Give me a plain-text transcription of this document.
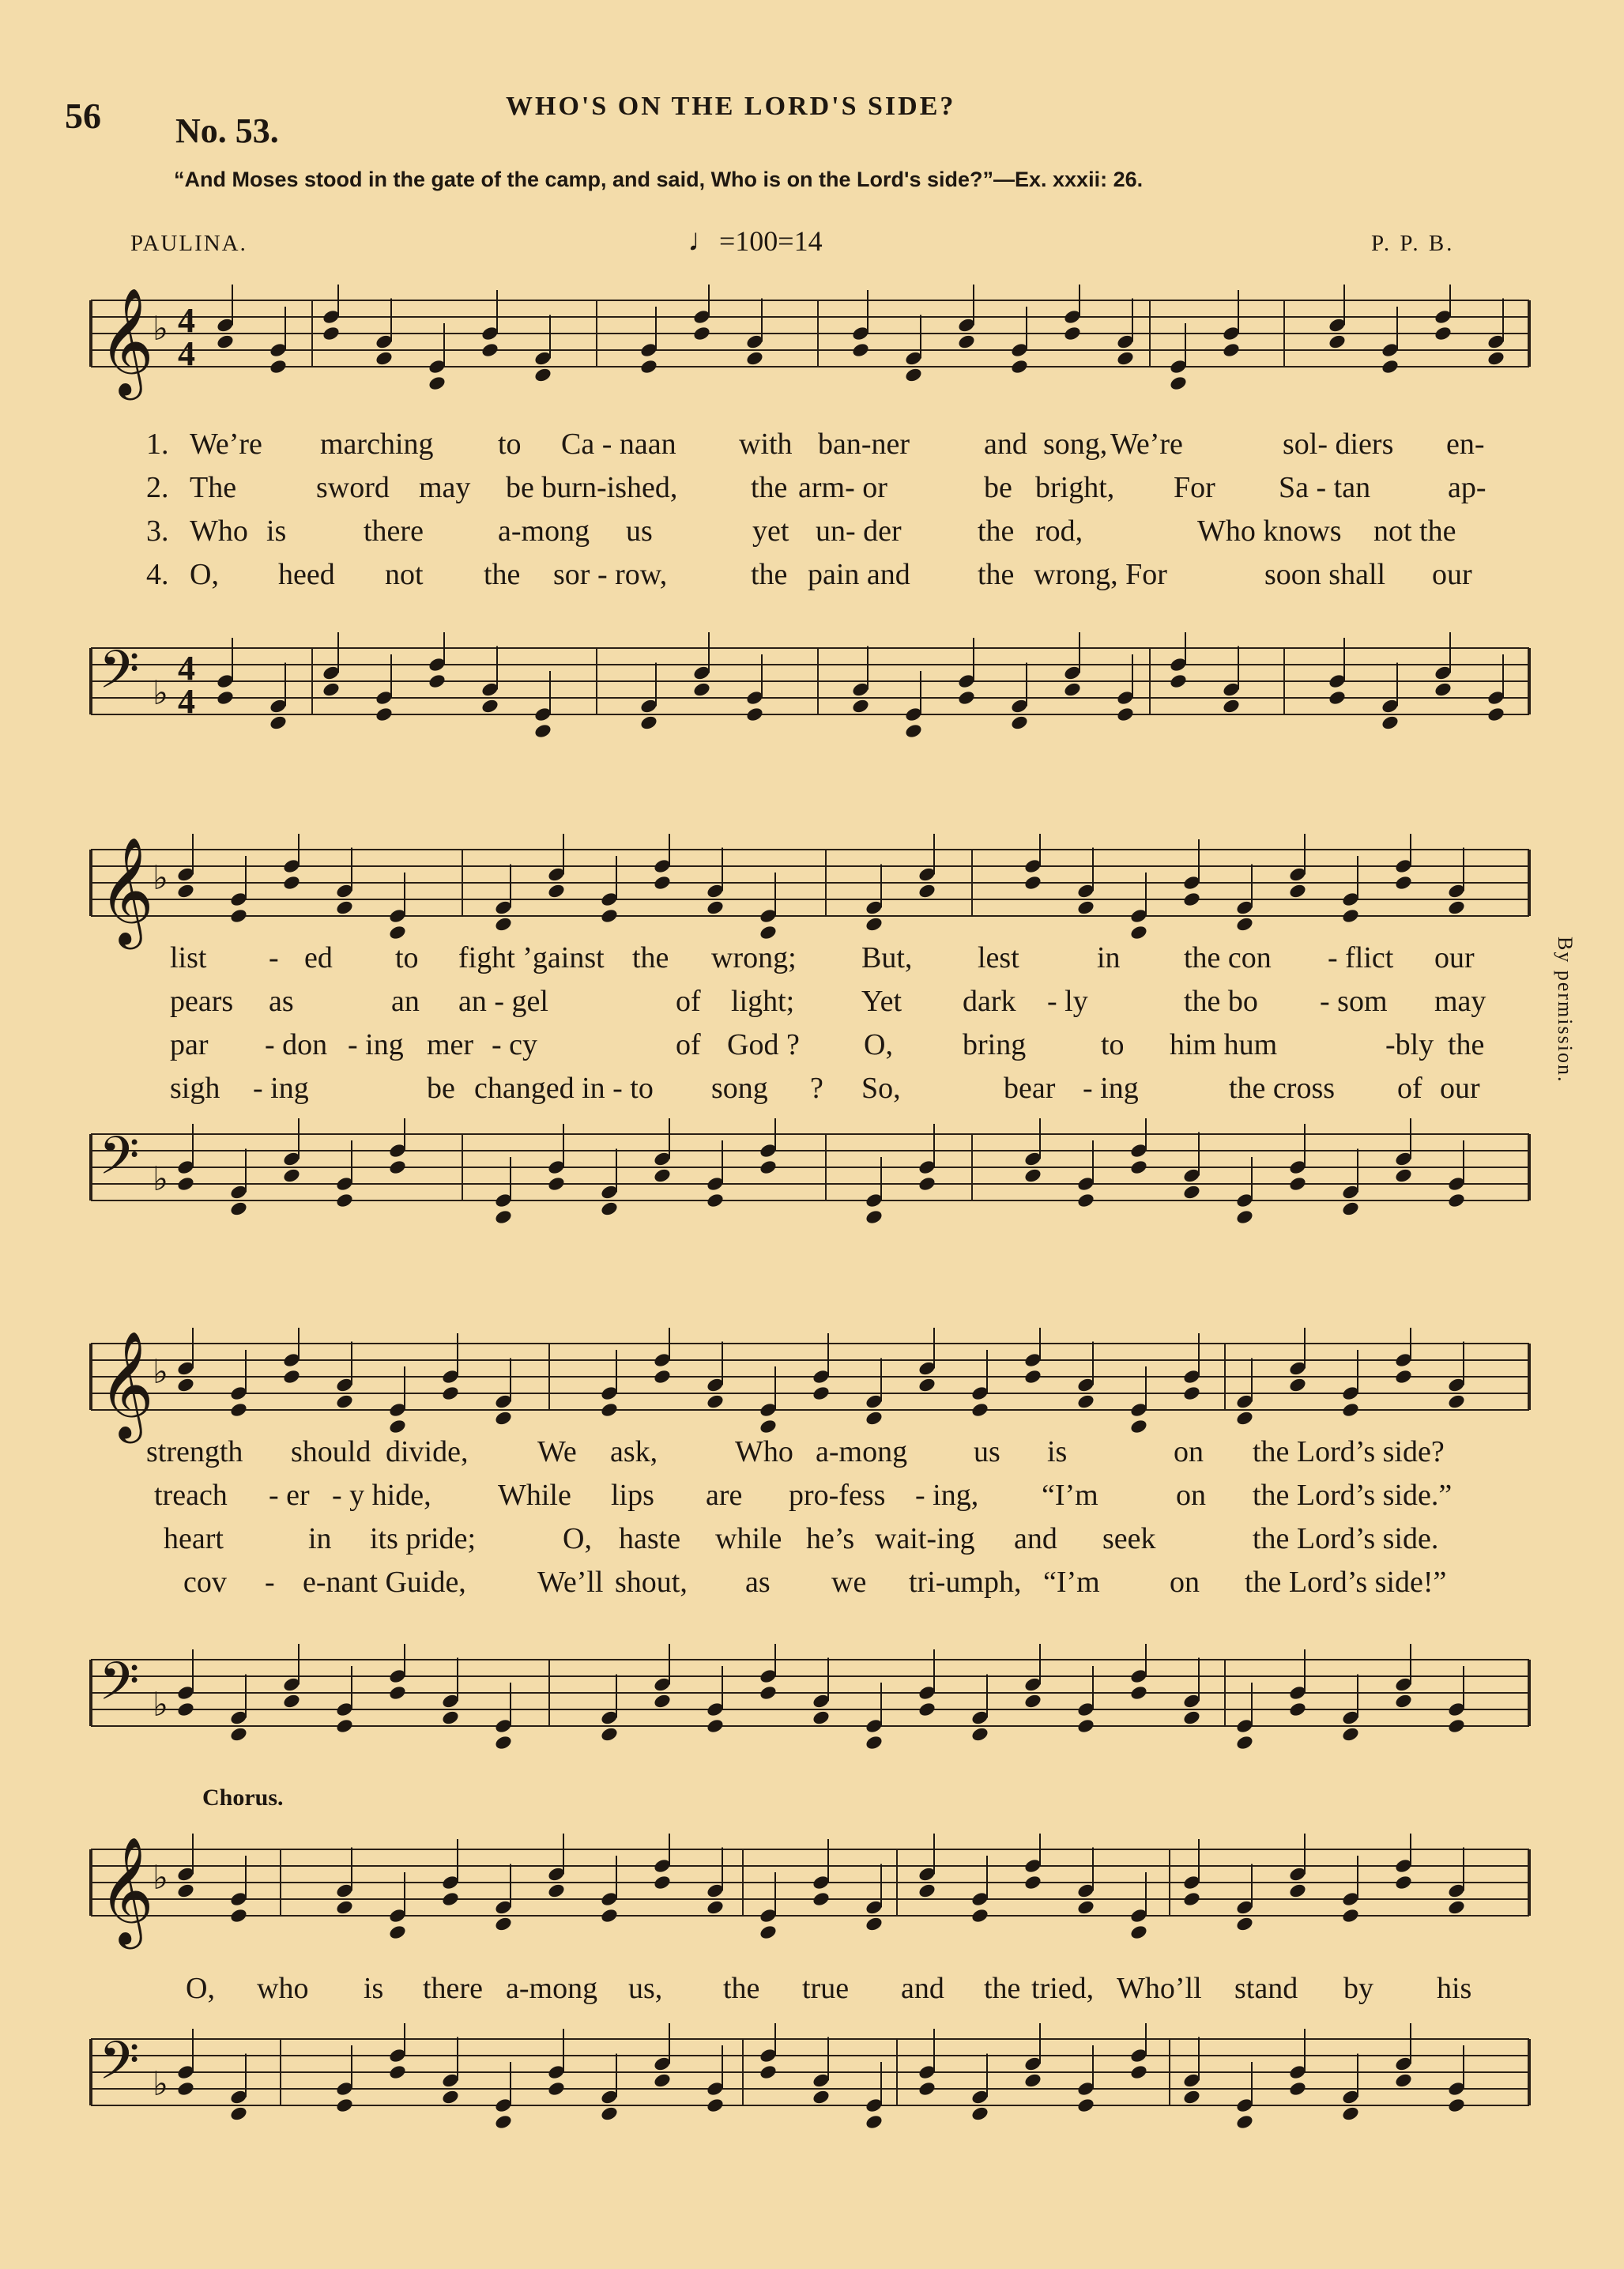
56 No. 53.
WHO'S ON THE LORD'S SIDE?
“And Moses stood in the gate of the camp, and said, Who is on the Lord's side?”—Ex. xxxii: 26.
PAULINA.	♩=100=14	P. P. B.
By permission.
Chorus.
𝄞
♭ 4
4
𝄢 ♭
4
4
1. We’re marching to Ca - naan with ban-ner and song, We’re	sol- diers en-
2. The	sword may be burn-ished, the arm- or	be bright, For Sa - tan	ap-
3. Who is	there a-mong us	yet un- der	the rod,	Who knows not the
4. O, heed not the sor - row,	the pain and the wrong, For	soon shall our
𝄞
♭
𝄢 ♭
list - ed to fight ’gainst the wrong; But, lest	in the con - flict our
pears as	an an - gel	of light; Yet dark - ly	the bo - som may
par - don - ing mer - cy	of God ? O, bring to him hum	-bly the
sigh - ing	be changed in - to song ? So,	bear - ing	the cross of our
𝄞
♭
𝄢 ♭
strength should divide, We ask,	Who a-mong us is	on the Lord’s side?
treach - er - y hide, While lips are pro-fess - ing, “I’m	on the Lord’s side.”
heart	in its pride;	O, haste while he’s wait-ing and seek	the Lord’s side.
cov - e-nant Guide, We’ll shout, as we tri-umph, “I’m on the Lord’s side!”
𝄞
♭
𝄢 ♭
O, who is there a-mong us, the true and the tried, Who’ll stand by his
